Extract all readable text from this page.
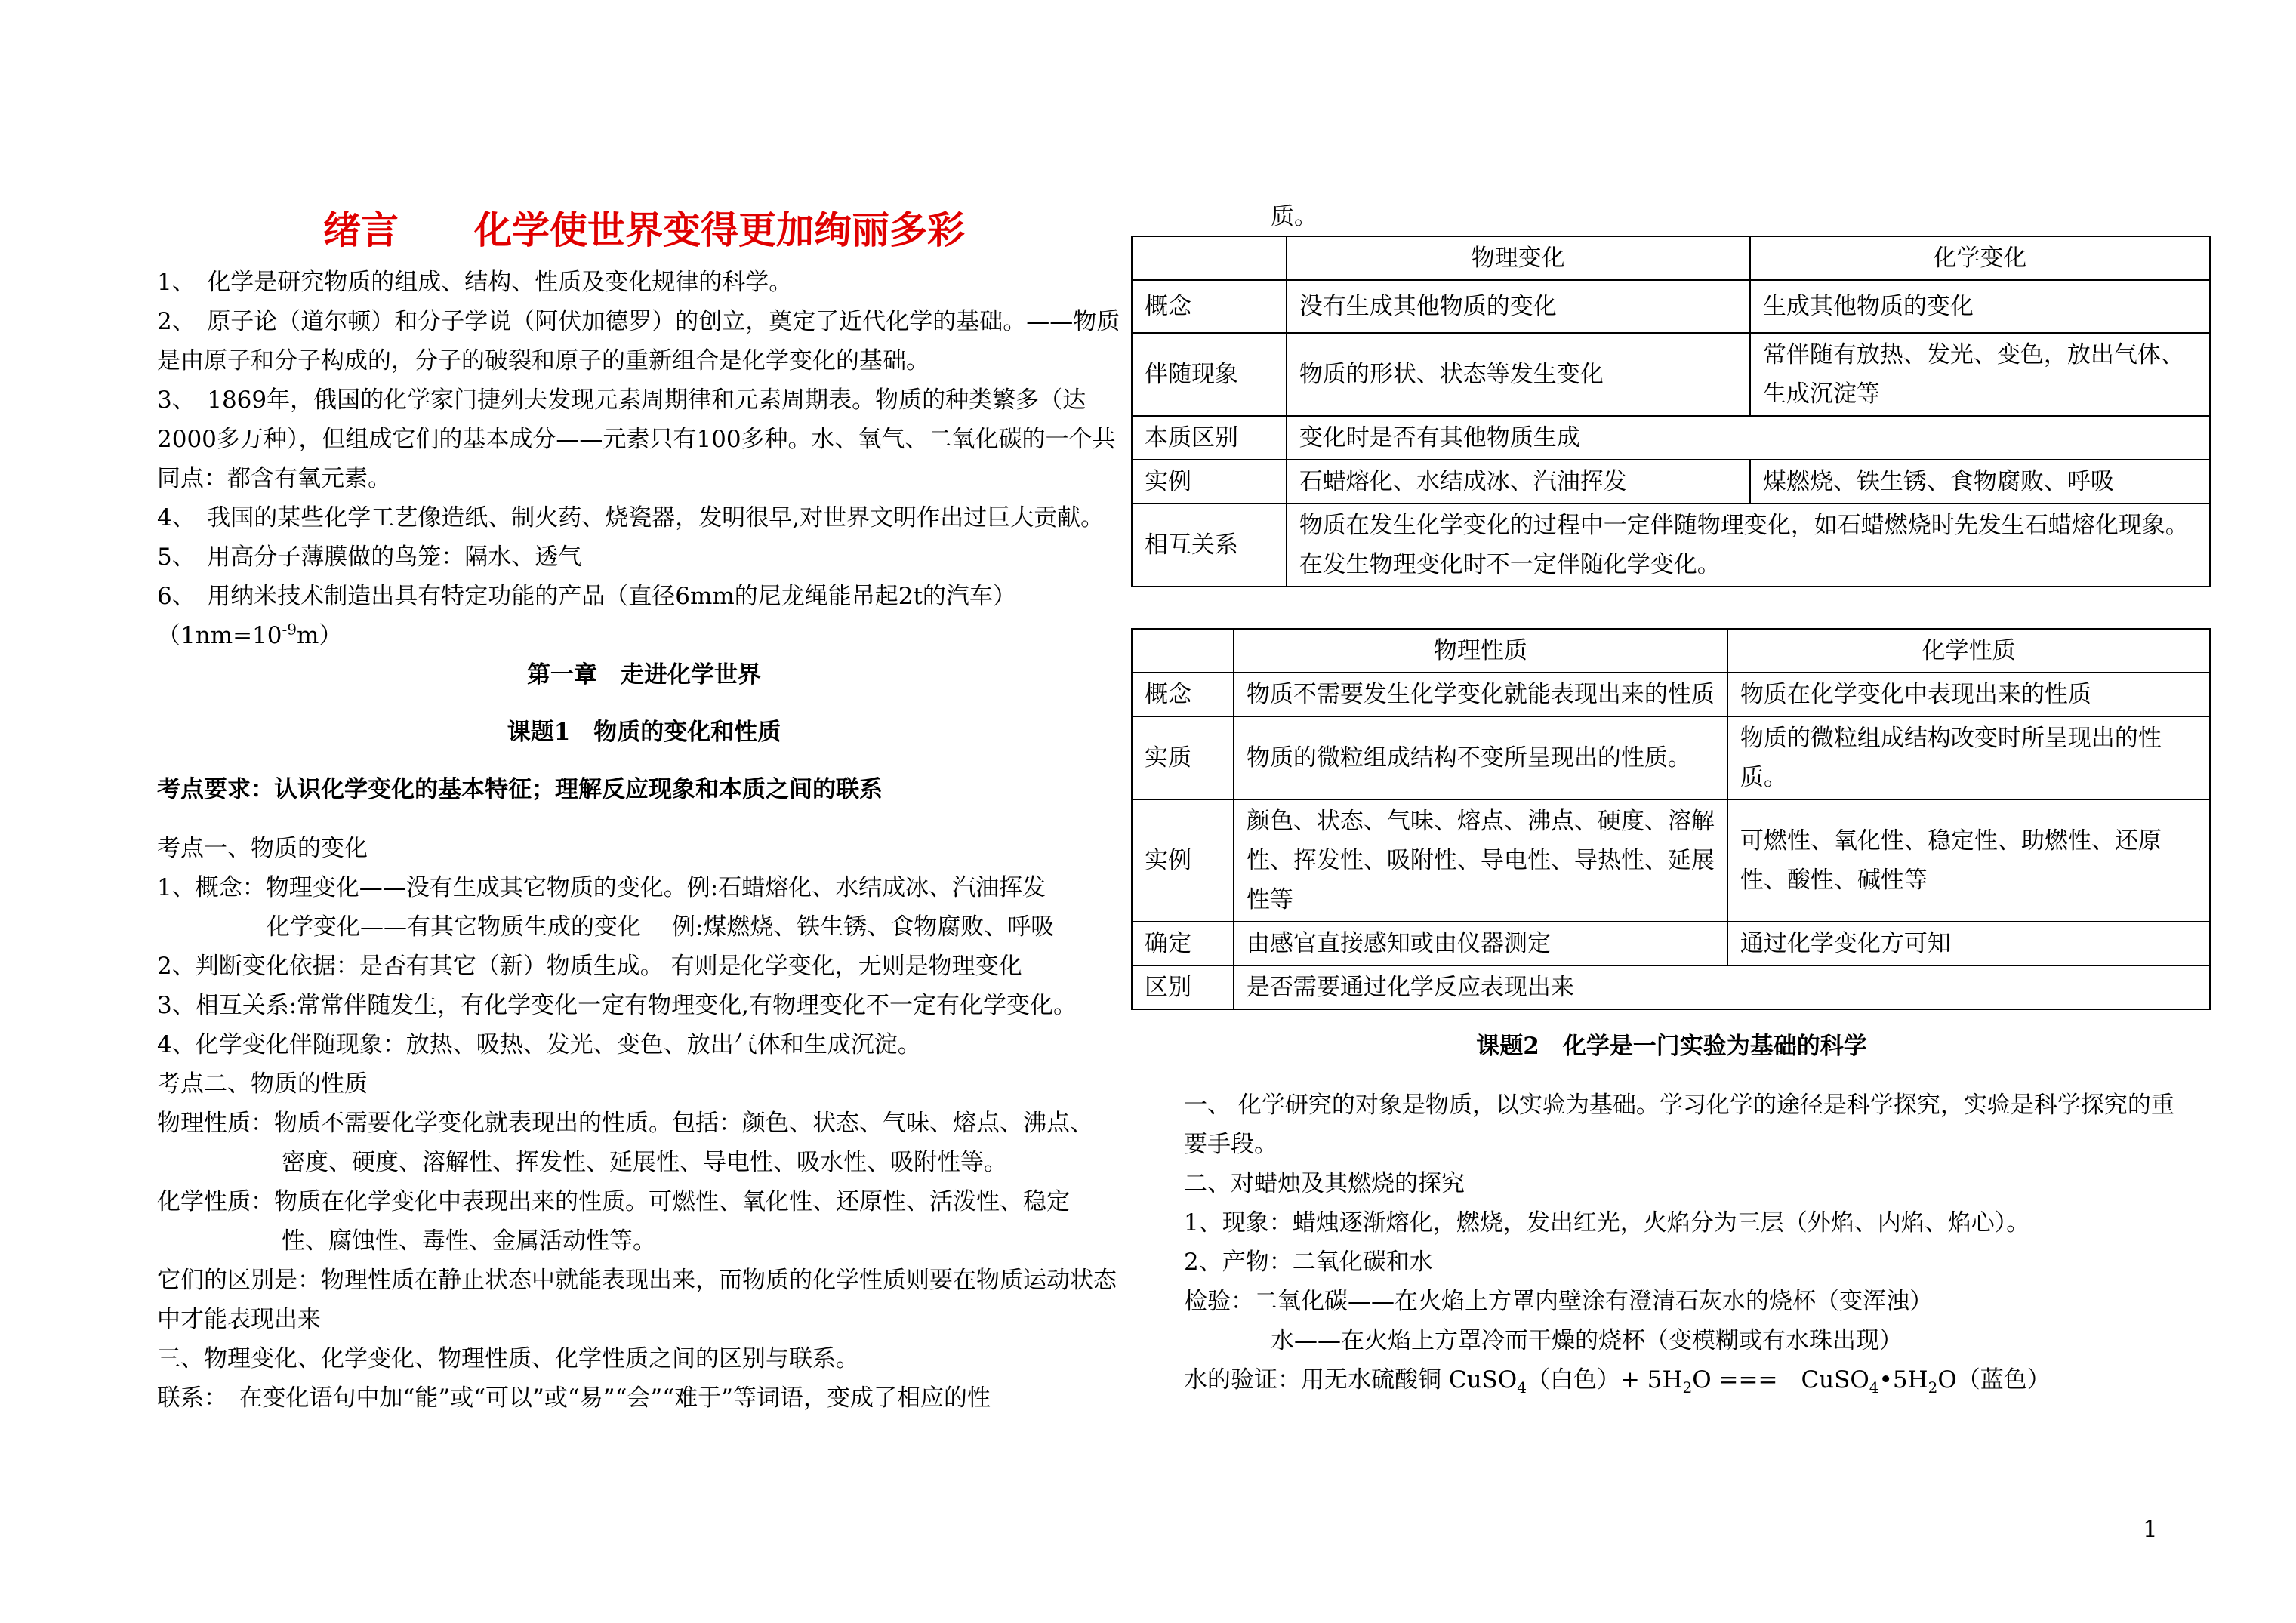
绪言　　化学使世界变得更加绚丽多彩

1、　化学是研究物质的组成、结构、性质及变化规律的科学。

2、　原子论（道尔顿）和分子学说（阿伏加德罗）的创立，奠定了近代化学的基础。——物质是由原子和分子构成的，分子的破裂和原子的重新组合是化学变化的基础。

3、　1869年，俄国的化学家门捷列夫发现元素周期律和元素周期表。物质的种类繁多（达2000多万种），但组成它们的基本成分——元素只有100多种。水、氧气、二氧化碳的一个共同点：都含有氧元素。

4、　我国的某些化学工艺像造纸、制火药、烧瓷器，发明很早,对世界文明作出过巨大贡献。

5、　用高分子薄膜做的鸟笼：隔水、透气

6、　用纳米技术制造出具有特定功能的产品（直径6mm的尼龙绳能吊起2t的汽车）

$(1nm=10^{-9}m)$

第一章　走进化学世界

课题1　物质的变化和性质

考点要求：认识化学变化的基本特征；理解反应现象和本质之间的联系

考点一、物质的变化

1、概念：物理变化——没有生成其它物质的变化。例:石蜡熔化、水结成冰、汽油挥发

化学变化——有其它物质生成的变化　 例:煤燃烧、铁生锈、食物腐败、呼吸

2、判断变化依据：是否有其它（新）物质生成。 有则是化学变化，无则是物理变化

3、相互关系:常常伴随发生，有化学变化一定有物理变化,有物理变化不一定有化学变化。

4、化学变化伴随现象：放热、吸热、发光、变色、放出气体和生成沉淀。

考点二、物质的性质

物理性质：物质不需要化学变化就表现出的性质。包括：颜色、状态、气味、熔点、沸点、

密度、硬度、溶解性、挥发性、延展性、导电性、吸水性、吸附性等。

化学性质：物质在化学变化中表现出来的性质。可燃性、氧化性、还原性、活泼性、稳定

性、腐蚀性、毒性、金属活动性等。

它们的区别是：物理性质在静止状态中就能表现出来，而物质的化学性质则要在物质运动状态中才能表现出来

三、物理变化、化学变化、物理性质、化学性质之间的区别与联系。

联系：　在变化语句中加“能”或“可以”或“易”“会”“难于”等词语，变成了相应的性

质。
	物理变化	化学变化
概念	没有生成其他物质的变化	生成其他物质的变化
伴随现象	物质的形状、状态等发生变化	常伴随有放热、发光、变色，放出气体、生成沉淀等
本质区别	变化时是否有其他物质生成	
实例	石蜡熔化、水结成冰、汽油挥发	煤燃烧、铁生锈、食物腐败、呼吸
相互关系	物质在发生化学变化的过程中一定伴随物理变化，如石蜡燃烧时先发生石蜡熔化现象。在发生物理变化时不一定伴随化学变化。	
	物理性质	化学性质
概念	物质不需要发生化学变化就能表现出来的性质	物质在化学变化中表现出来的性质
实质	物质的微粒组成结构不变所呈现出的性质。	物质的微粒组成结构改变时所呈现出的性质。
实例	颜色、状态、气味、熔点、沸点、硬度、溶解性、挥发性、吸附性、导电性、导热性、延展性等	可燃性、氧化性、稳定性、助燃性、还原性、酸性、碱性等
确定	由感官直接感知或由仪器测定	通过化学变化方可知
区别	是否需要通过化学反应表现出来	

课题2　化学是一门实验为基础的科学

一、 化学研究的对象是物质，以实验为基础。学习化学的途径是科学探究，实验是科学探究的重要手段。

二、对蜡烛及其燃烧的探究

1、现象：蜡烛逐渐熔化，燃烧，发出红光，火焰分为三层（外焰、内焰、焰心）。

2、产物：二氧化碳和水

检验：二氧化碳——在火焰上方罩内壁涂有澄清石灰水的烧杯（变浑浊）

水——在火焰上方罩冷而干燥的烧杯（变模糊或有水珠出现）

水的验证：用无水硫酸铜 CuSO$_4$（白色）+ $5H_2O$ ===　$CuSO_4•5H_2O$（蓝色）

1
